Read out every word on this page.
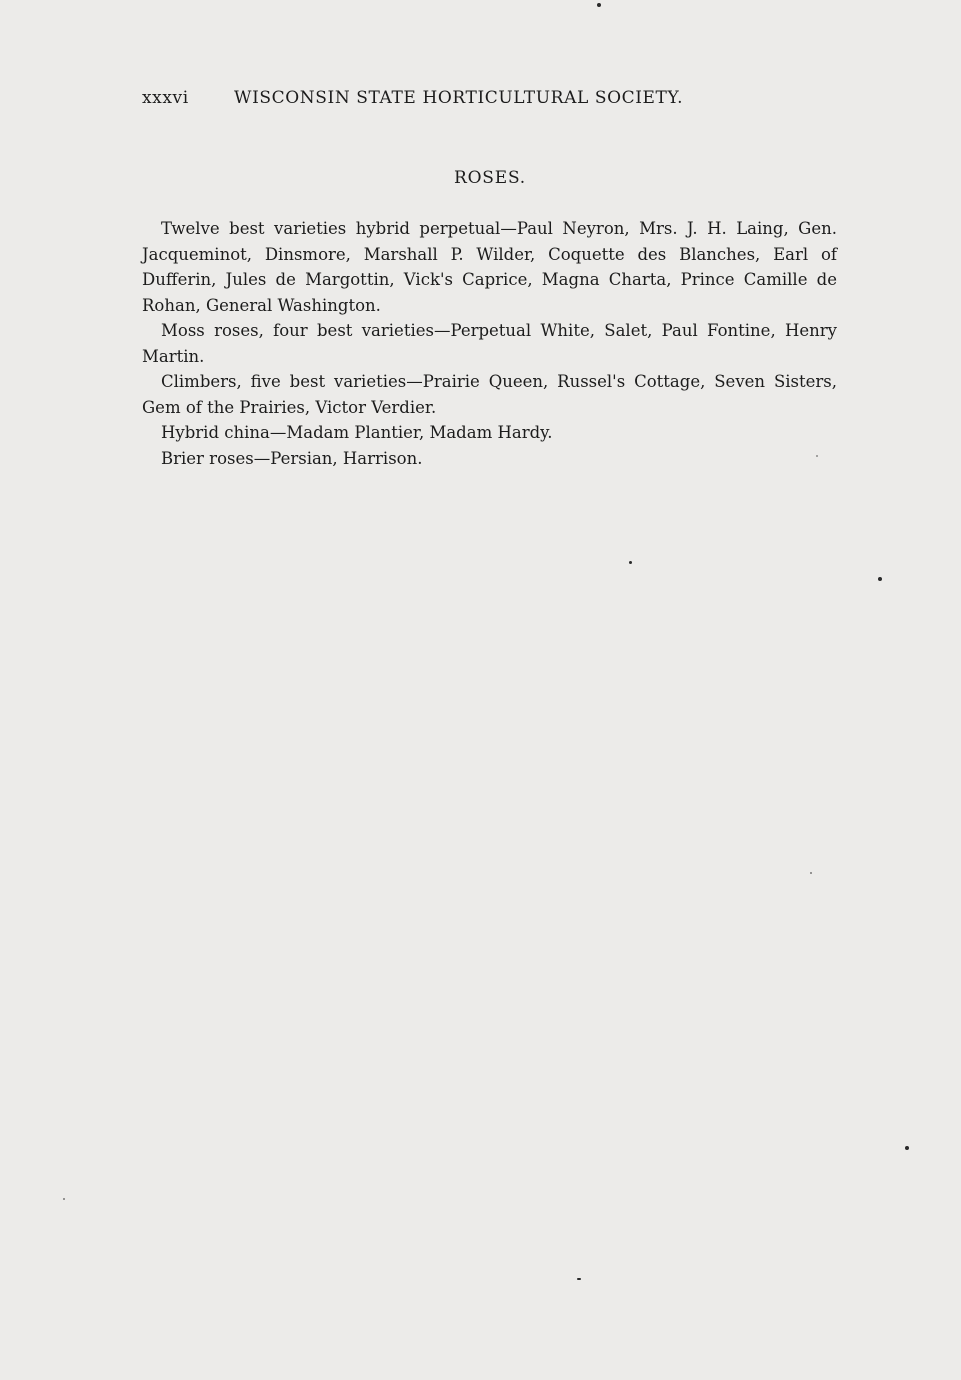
xxxvi	WISCONSIN STATE HORTICULTURAL SOCIETY.
ROSES.

Twelve best varieties hybrid perpetual—Paul Neyron, Mrs. J. H. Laing, Gen. Jacqueminot, Dinsmore, Marshall P. Wilder, Coquette des Blanches, Earl of Dufferin, Jules de Margottin, Vick's Caprice, Magna Charta, Prince Camille de Rohan, General Washington.

Moss roses, four best varieties—Perpetual White, Salet, Paul Fontine, Henry Martin.

Climbers, five best varieties—Prairie Queen, Russel's Cottage, Seven Sisters, Gem of the Prairies, Victor Verdier.

Hybrid china—Madam Plantier, Madam Hardy.

Brier roses—Persian, Harrison.
